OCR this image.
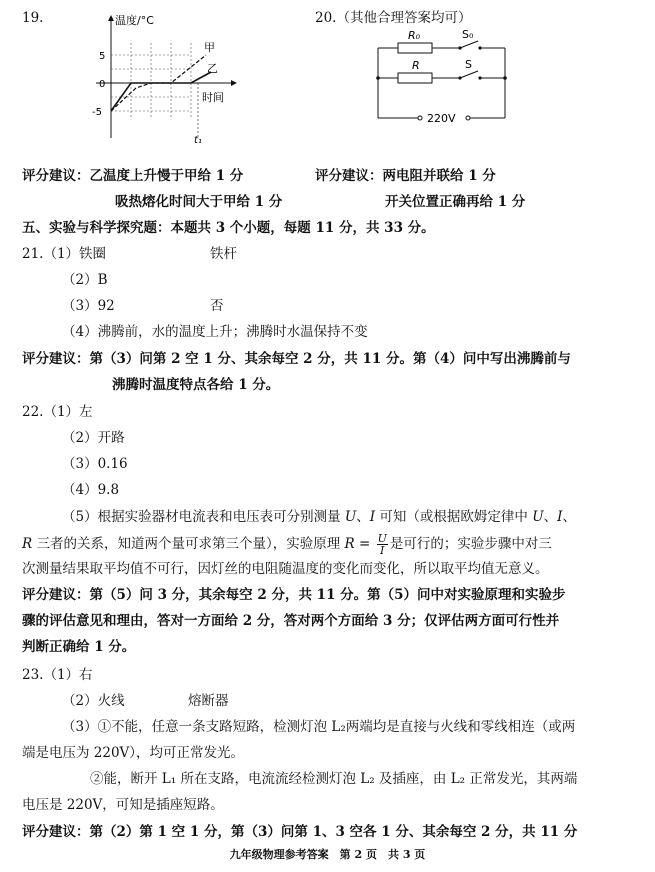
19.	温度/°C
5
0
-5
甲
乙
时间
t₁
20.（其他合理答案均可）
R₀	S₀
R	S
220V
评分建议：乙温度上升慢于甲给 1 分
吸热熔化时间大于甲给 1 分
评分建议：两电阻并联给 1 分
开关位置正确再给 1 分
五、实验与科学探究题：本题共 3 个小题，每题 11 分，共 33 分。
21.（1）铁圈	铁杆
（2）B
（3）92	否
（4）沸腾前，水的温度上升；沸腾时水温保持不变
评分建议：第（3）问第 2 空 1 分、其余每空 2 分，共 11 分。第（4）问中写出沸腾前与
沸腾时温度特点各给 1 分。
22.（1）左
（2）开路
（3）0.16
（4）9.8
（5）根据实验器材电流表和电压表可分别测量 U、I 可知（或根据欧姆定律中 U、I、
R 三者的关系，知道两个量可求第三个量），实验原理 $R = \frac{U}{I}$ 是可行的；实验步骤中对三
次测量结果取平均值不可行，因灯丝的电阻随温度的变化而变化，所以取平均值无意义。
评分建议：第（5）问 3 分，其余每空 2 分，共 11 分。第（5）问中对实验原理和实验步
骤的评估意见和理由，答对一方面给 2 分，答对两个方面给 3 分；仅评估两方面可行性并
判断正确给 1 分。
23.（1）右
（2）火线	熔断器
（3）①不能，任意一条支路短路，检测灯泡 L₂两端均是直接与火线和零线相连（或两
端是电压为 220V），均可正常发光。
②能，断开 L₁ 所在支路，电流流经检测灯泡 L₂ 及插座，由 L₂ 正常发光，其两端
电压是 220V，可知是插座短路。
评分建议：第（2）第 1 空 1 分，第（3）问第 1、3 空各 1 分、其余每空 2 分，共 11 分
九年级物理参考答案　第 2 页　共 3 页
